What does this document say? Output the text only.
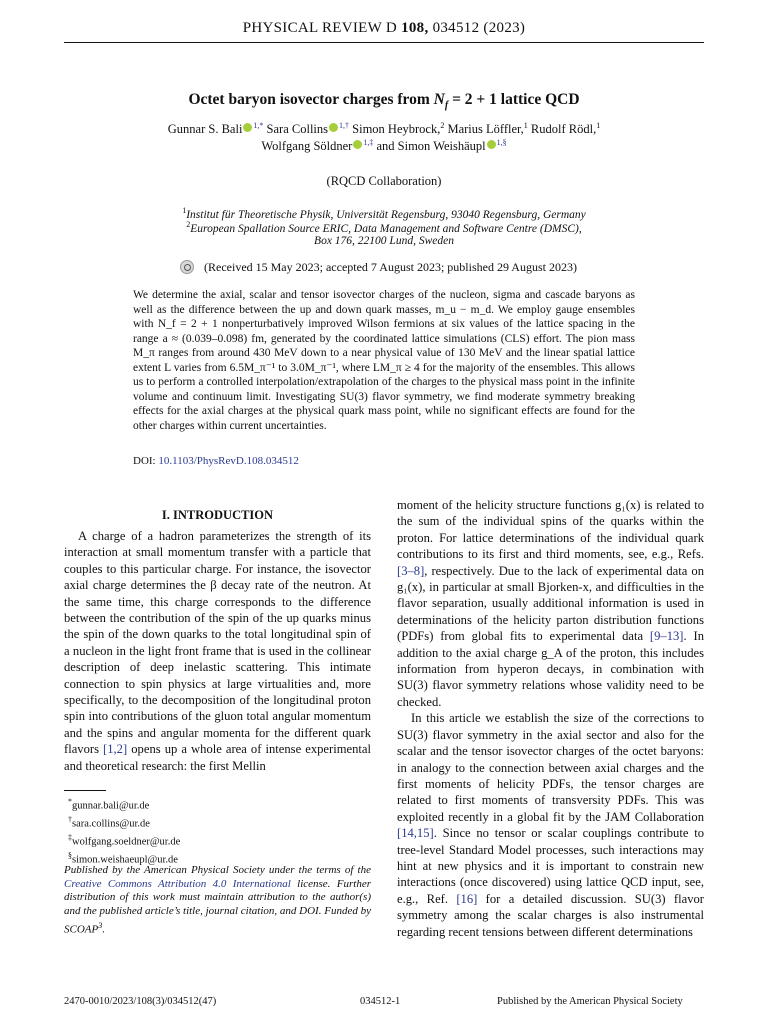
PHYSICAL REVIEW D 108, 034512 (2023)
Octet baryon isovector charges from $N_f = 2 + 1$ lattice QCD
Gunnar S. Bali $^{1,*}$ Sara Collins $^{1,\dagger}$ Simon Heybrock,$^2$ Marius Löffler,$^1$ Rudolf Rödl,$^1$
Wolfgang Söldner $^{1,\ddagger}$ and Simon Weishäupl $^{1,\S}$
(RQCD Collaboration)
$^1$Institut für Theoretische Physik, Universität Regensburg, 93040 Regensburg, Germany
$^2$European Spallation Source ERIC, Data Management and Software Centre (DMSC),
Box 176, 22100 Lund, Sweden
(Received 15 May 2023; accepted 7 August 2023; published 29 August 2023)
We determine the axial, scalar and tensor isovector charges of the nucleon, sigma and cascade baryons as well as the difference between the up and down quark masses, m_u − m_d. We employ gauge ensembles with N_f = 2 + 1 nonperturbatively improved Wilson fermions at six values of the lattice spacing in the range a ≈ (0.039–0.098) fm, generated by the coordinated lattice simulations (CLS) effort. The pion mass M_π ranges from around 430 MeV down to a near physical value of 130 MeV and the linear spatial lattice extent L varies from 6.5M_π⁻¹ to 3.0M_π⁻¹, where LM_π ≥ 4 for the majority of the ensembles. This allows us to perform a controlled interpolation/extrapolation of the charges to the physical mass point in the infinite volume and continuum limit. Investigating SU(3) flavor symmetry, we find moderate symmetry breaking effects for the axial charges at the physical quark mass point, while no significant effects are found for the other charges within current uncertainties.
DOI: 10.1103/PhysRevD.108.034512
I. INTRODUCTION
A charge of a hadron parameterizes the strength of its interaction at small momentum transfer with a particle that couples to this particular charge. For instance, the isovector axial charge determines the β decay rate of the neutron. At the same time, this charge corresponds to the difference between the contribution of the spin of the up quarks minus the spin of the down quarks to the total longitudinal spin of a nucleon in the light front frame that is used in the collinear description of deep inelastic scattering. This intimate connection to spin physics at large virtualities and, more specifically, to the decomposition of the longitudinal proton spin into contributions of the gluon total angular momentum and the spins and angular momenta for the different quark flavors [1,2] opens up a whole area of intense experimental and theoretical research: the first Mellin
*gunnar.bali@ur.de
†sara.collins@ur.de
‡wolfgang.soeldner@ur.de
§simon.weishaeupl@ur.de
Published by the American Physical Society under the terms of the Creative Commons Attribution 4.0 International license. Further distribution of this work must maintain attribution to the author(s) and the published article’s title, journal citation, and DOI. Funded by SCOAP$^3$.
moment of the helicity structure functions g₁(x) is related to the sum of the individual spins of the quarks within the proton. For lattice determinations of the individual quark contributions to its first and third moments, see, e.g., Refs. [3–8], respectively. Due to the lack of experimental data on g₁(x), in particular at small Bjorken-x, and difficulties in the flavor separation, usually additional information is used in determinations of the helicity parton distribution functions (PDFs) from global fits to experimental data [9–13]. In addition to the axial charge g_A of the proton, this includes information from hyperon decays, in combination with SU(3) flavor symmetry relations whose validity need to be checked.
In this article we establish the size of the corrections to SU(3) flavor symmetry in the axial sector and also for the scalar and the tensor isovector charges of the octet baryons: in analogy to the connection between axial charges and the first moments of helicity PDFs, the tensor charges are related to first moments of transversity PDFs. This was exploited recently in a global fit by the JAM Collaboration [14,15]. Since no tensor or scalar couplings contribute to tree-level Standard Model processes, such interactions may hint at new physics and it is important to constrain new interactions (once discovered) using lattice QCD input, see, e.g., Ref. [16] for a detailed discussion. SU(3) flavor symmetry among the scalar charges is also instrumental regarding recent tensions between different determinations
2470-0010/2023/108(3)/034512(47)	034512-1	Published by the American Physical Society
